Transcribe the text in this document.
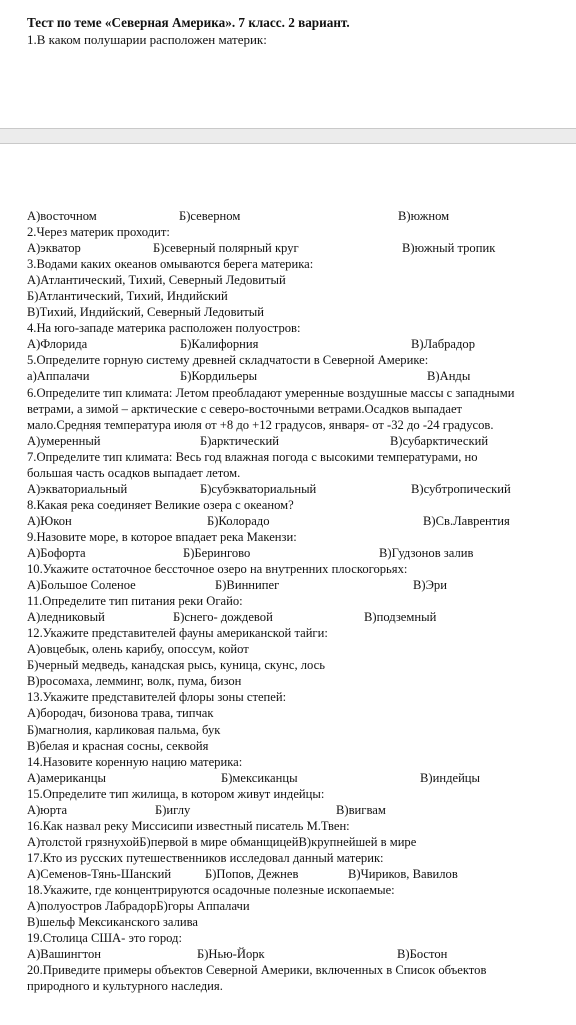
Тест по теме «Северная Америка». 7 класс. 2 вариант.
1.В каком полушарии расположен материк:
А)восточном	Б)северном	В)южном
2.Через материк проходит:
А)экватор	Б)северный полярный круг	В)южный тропик
3.Водами каких океанов омываются берега материка:
А)Атлантический, Тихий, Северный Ледовитый
Б)Атлантический, Тихий, Индийский
В)Тихий, Индийский, Северный Ледовитый
4.На юго-западе материка расположен полуостров:
А)Флорида	Б)Калифорния	В)Лабрадор
5.Определите горную систему древней складчатости в Северной Америке:
а)Аппалачи	Б)Кордильеры	В)Анды
6.Определите тип климата: Летом преобладают умеренные воздушные массы с западными
ветрами, а зимой – арктические с северо-восточными ветрами.Осадков выпадает
мало.Средняя температура июля от +8 до +12 градусов, января- от -32 до -24 градусов.
А)умеренный	Б)арктический	В)субарктический
7.Определите тип климата: Весь год влажная погода с высокими температурами, но
большая часть осадков выпадает летом.
А)экваториальный	Б)субэкваториальный	В)субтропический
8.Какая река соединяет Великие озера с океаном?
А)Юкон	Б)Колорадо	В)Св.Лаврентия
9.Назовите море, в которое впадает река Макензи:
А)Бофорта	Б)Берингово	В)Гудзонов залив
10.Укажите остаточное бессточное озеро на внутренних плоскогорьях:
А)Большое Соленое	Б)Виннипег	В)Эри
11.Определите тип питания реки Огайо:
А)ледниковый	Б)снего- дождевой	В)подземный
12.Укажите представителей фауны американской тайги:
А)овцебык, олень карибу, опоссум, койот
Б)черный медведь, канадская рысь, куница, скунс, лось
В)росомаха, лемминг, волк, пума, бизон
13.Укажите представителей флоры зоны степей:
А)бородач, бизонова трава, типчак
Б)магнолия, карликовая пальма, бук
В)белая и красная сосны, секвойя
14.Назовите коренную нацию материка:
А)американцы	Б)мексиканцы	В)индейцы
15.Определите тип жилища, в котором живут индейцы:
А)юрта	Б)иглу	В)вигвам
16.Как назвал реку Миссисипи известный писатель М.Твен:
А)толстой грязнухойБ)первой в мире обманщицейВ)крупнейшей в мире
17.Кто из русских путешественников исследовал данный материк:
А)Семенов-Тянь-Шанский	Б)Попов, Дежнев	В)Чириков, Вавилов
18.Укажите, где концентрируются осадочные полезные ископаемые:
А)полуостров ЛабрадорБ)горы Аппалачи
В)шельф Мексиканского залива
19.Столица США- это город:
А)Вашингтон	Б)Нью-Йорк	В)Бостон
20.Приведите примеры объектов Северной Америки, включенных в Список объектов
природного и культурного наследия.
